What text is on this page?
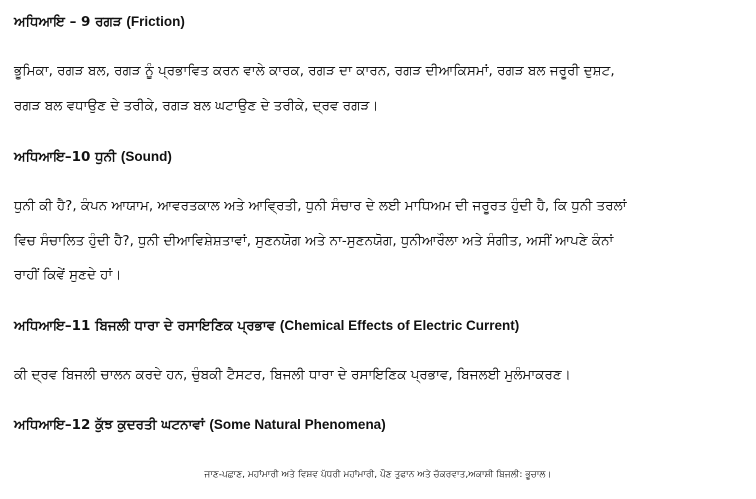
ਅਧਿਆਇ – 9 ਰਗੜ (Friction)
ਭੂਮਿਕਾ, ਰਗੜ ਬਲ, ਰਗੜ ਨੂੰ ਪ੍ਰਭਾਵਿਤ ਕਰਨ ਵਾਲੇ ਕਾਰਕ, ਰਗੜ ਦਾ ਕਾਰਨ, ਰਗੜ ਦੀਆਕਿਸਮਾਂ, ਰਗੜ ਬਲ ਜਰੂਰੀ ਦੁਸ਼ਟ,
ਰਗੜ ਬਲ ਵਧਾਉਣ ਦੇ ਤਰੀਕੇ, ਰਗੜ ਬਲ ਘਟਾਉਣ ਦੇ ਤਰੀਕੇ, ਦ੍ਰਵ ਰਗੜ।
ਅਧਿਆਇ–10 ਧੁਨੀ (Sound)
ਧੁਨੀ ਕੀ ਹੈ?, ਕੰਪਨ ਆਯਾਮ, ਆਵਰਤਕਾਲ ਅਤੇ ਆਵ੍ਰਿਤੀ, ਧੁਨੀ ਸੰਚਾਰ ਦੇ ਲਈ ਮਾਧਿਅਮ ਦੀ ਜਰੂਰਤ ਹੁੰਦੀ ਹੈ, ਕਿ ਧੁਨੀ ਤਰਲਾਂ
ਵਿਚ ਸੰਚਾਲਿਤ ਹੁੰਦੀ ਹੈ?, ਧੁਨੀ ਦੀਆਵਿਸ਼ੇਸ਼ਤਾਵਾਂ, ਸੁਣਨਯੋਗ ਅਤੇ ਨਾ-ਸੁਣਨਯੋਗ, ਧੁਨੀਆਰੌਲਾ ਅਤੇ ਸੰਗੀਤ, ਅਸੀਂ ਆਪਣੇ ਕੰਨਾਂ
ਰਾਹੀਂ ਕਿਵੇਂ ਸੁਣਦੇ ਹਾਂ।
ਅਧਿਆਇ–11 ਬਿਜਲੀ ਧਾਰਾ ਦੇ ਰਸਾਇਣਿਕ ਪ੍ਰਭਾਵ (Chemical Effects of Electric Current)
ਕੀ ਦ੍ਰਵ ਬਿਜਲੀ ਚਾਲਨ ਕਰਦੇ ਹਨ, ਚੁੰਬਕੀ ਟੈਸਟਰ, ਬਿਜਲੀ ਧਾਰਾ ਦੇ ਰਸਾਇਣਿਕ ਪ੍ਰਭਾਵ, ਬਿਜਲਈ ਮੁਲੰਮਾਕਰਣ।
ਅਧਿਆਇ–12 ਕੁੱਝ ਕੁਦਰਤੀ ਘਟਨਾਵਾਂ (Some Natural Phenomena)
ਜਾਣ-ਪਛਾਣ, ਮਹਾਂਮਾਰੀ ਅਤੇ ਵਿਸ਼ਵ ਪੱਧਰੀ ਮਹਾਂਮਾਰੀ, ਪੌਣ ਤੁਫਾਨ ਅਤੇ ਚੱਕਰਵਾਤ,ਅਕਾਸ਼ੀ ਬਿਜਲੀ: ਭੂਚਾਲ।
